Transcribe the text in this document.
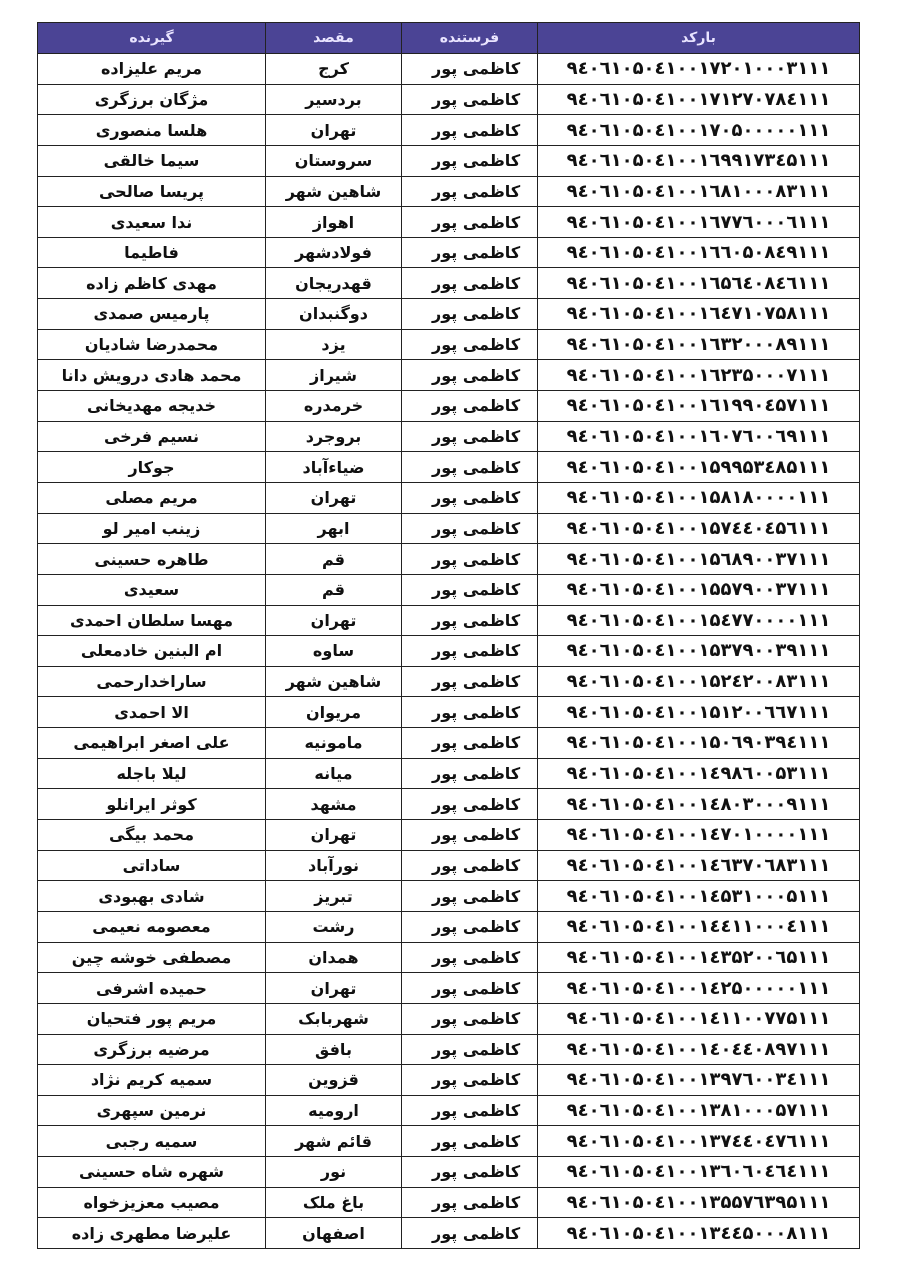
گیرنده	مقصد	فرستنده	بارکد
مریم علیزاده	کرج	کاظمی پور	۹٤۰٦۱۰۵۰٤۱۰۰۱۷۲۰۱۰۰۰۳۱۱۱
مژگان برزگری	بردسیر	کاظمی پور	۹٤۰٦۱۰۵۰٤۱۰۰۱۷۱۲۷۰۷۸٤۱۱۱
هلسا منصوری	تهران	کاظمی پور	۹٤۰٦۱۰۵۰٤۱۰۰۱۷۰۵۰۰۰۰۰۱۱۱
سیما خالقی	سروستان	کاظمی پور	۹٤۰٦۱۰۵۰٤۱۰۰۱٦۹۹۱۷۳٤۵۱۱۱
پریسا صالحی	شاهین شهر	کاظمی پور	۹٤۰٦۱۰۵۰٤۱۰۰۱٦۸۱۰۰۰۸۳۱۱۱
ندا سعیدی	اهواز	کاظمی پور	۹٤۰٦۱۰۵۰٤۱۰۰۱٦۷۷٦۰۰۰٦۱۱۱
فاطیما	فولادشهر	کاظمی پور	۹٤۰٦۱۰۵۰٤۱۰۰۱٦٦۰۵۰۸٤۹۱۱۱
مهدی کاظم زاده	قهدریجان	کاظمی پور	۹٤۰٦۱۰۵۰٤۱۰۰۱٦۵٦٤۰۸٤٦۱۱۱
پارمیس صمدی	دوگنبدان	کاظمی پور	۹٤۰٦۱۰۵۰٤۱۰۰۱٦٤۷۱۰۷۵۸۱۱۱
محمدرضا شادیان	یزد	کاظمی پور	۹٤۰٦۱۰۵۰٤۱۰۰۱٦۳۲۰۰۰۸۹۱۱۱
محمد هادی درویش دانا	شیراز	کاظمی پور	۹٤۰٦۱۰۵۰٤۱۰۰۱٦۲۳۵۰۰۰۷۱۱۱
خدیجه مهدیخانی	خرمدره	کاظمی پور	۹٤۰٦۱۰۵۰٤۱۰۰۱٦۱۹۹۰٤۵۷۱۱۱
نسیم فرخی	بروجرد	کاظمی پور	۹٤۰٦۱۰۵۰٤۱۰۰۱٦۰۷٦۰۰٦۹۱۱۱
جوکار	ضیاءآباد	کاظمی پور	۹٤۰٦۱۰۵۰٤۱۰۰۱۵۹۹۵۳٤۸۵۱۱۱
مریم مصلی	تهران	کاظمی پور	۹٤۰٦۱۰۵۰٤۱۰۰۱۵۸۱۸۰۰۰۰۱۱۱
زینب امیر لو	ابهر	کاظمی پور	۹٤۰٦۱۰۵۰٤۱۰۰۱۵۷٤٤۰٤۵٦۱۱۱
طاهره حسینی	قم	کاظمی پور	۹٤۰٦۱۰۵۰٤۱۰۰۱۵٦۸۹۰۰۳۷۱۱۱
سعیدی	قم	کاظمی پور	۹٤۰٦۱۰۵۰٤۱۰۰۱۵۵۷۹۰۰۳۷۱۱۱
مهسا سلطان احمدی	تهران	کاظمی پور	۹٤۰٦۱۰۵۰٤۱۰۰۱۵٤۷۷۰۰۰۰۱۱۱
ام البنین خادمعلی	ساوه	کاظمی پور	۹٤۰٦۱۰۵۰٤۱۰۰۱۵۳۷۹۰۰۳۹۱۱۱
ساراخدارحمی	شاهین شهر	کاظمی پور	۹٤۰٦۱۰۵۰٤۱۰۰۱۵۲٤۲۰۰۸۳۱۱۱
الا احمدی	مریوان	کاظمی پور	۹٤۰٦۱۰۵۰٤۱۰۰۱۵۱۲۰۰٦٦۷۱۱۱
علی اصغر ابراهیمی	مامونیه	کاظمی پور	۹٤۰٦۱۰۵۰٤۱۰۰۱۵۰٦۹۰۳۹٤۱۱۱
لیلا باجله	میانه	کاظمی پور	۹٤۰٦۱۰۵۰٤۱۰۰۱٤۹۸٦۰۰۵۳۱۱۱
کوثر ایرانلو	مشهد	کاظمی پور	۹٤۰٦۱۰۵۰٤۱۰۰۱٤۸۰۳۰۰۰۹۱۱۱
محمد بیگی	تهران	کاظمی پور	۹٤۰٦۱۰۵۰٤۱۰۰۱٤۷۰۱۰۰۰۰۱۱۱
ساداتی	نورآباد	کاظمی پور	۹٤۰٦۱۰۵۰٤۱۰۰۱٤٦۳۷۰٦۸۳۱۱۱
شادی بهبودی	تبریز	کاظمی پور	۹٤۰٦۱۰۵۰٤۱۰۰۱٤۵۳۱۰۰۰۵۱۱۱
معصومه نعیمی	رشت	کاظمی پور	۹٤۰٦۱۰۵۰٤۱۰۰۱٤٤۱۱۰۰۰٤۱۱۱
مصطفی خوشه چین	همدان	کاظمی پور	۹٤۰٦۱۰۵۰٤۱۰۰۱٤۳۵۲۰۰٦۵۱۱۱
حمیده اشرفی	تهران	کاظمی پور	۹٤۰٦۱۰۵۰٤۱۰۰۱٤۲۵۰۰۰۰۰۱۱۱
مریم پور فتحیان	شهربابک	کاظمی پور	۹٤۰٦۱۰۵۰٤۱۰۰۱٤۱۱۰۰۷۷۵۱۱۱
مرضیه برزگری	بافق	کاظمی پور	۹٤۰٦۱۰۵۰٤۱۰۰۱٤۰٤٤۰۸۹۷۱۱۱
سمیه کریم نژاد	قزوین	کاظمی پور	۹٤۰٦۱۰۵۰٤۱۰۰۱۳۹۷٦۰۰۳٤۱۱۱
نرمین سپهری	ارومیه	کاظمی پور	۹٤۰٦۱۰۵۰٤۱۰۰۱۳۸۱۰۰۰۵۷۱۱۱
سمیه رجبی	قائم شهر	کاظمی پور	۹٤۰٦۱۰۵۰٤۱۰۰۱۳۷٤٤۰٤۷٦۱۱۱
شهره شاه حسینی	نور	کاظمی پور	۹٤۰٦۱۰۵۰٤۱۰۰۱۳٦۰٦۰٤٦٤۱۱۱
مصیب معزیزخواه	باغ ملک	کاظمی پور	۹٤۰٦۱۰۵۰٤۱۰۰۱۳۵۵۷٦۳۹۵۱۱۱
علیرضا مطهری زاده	اصفهان	کاظمی پور	۹٤۰٦۱۰۵۰٤۱۰۰۱۳٤٤۵۰۰۰۸۱۱۱
